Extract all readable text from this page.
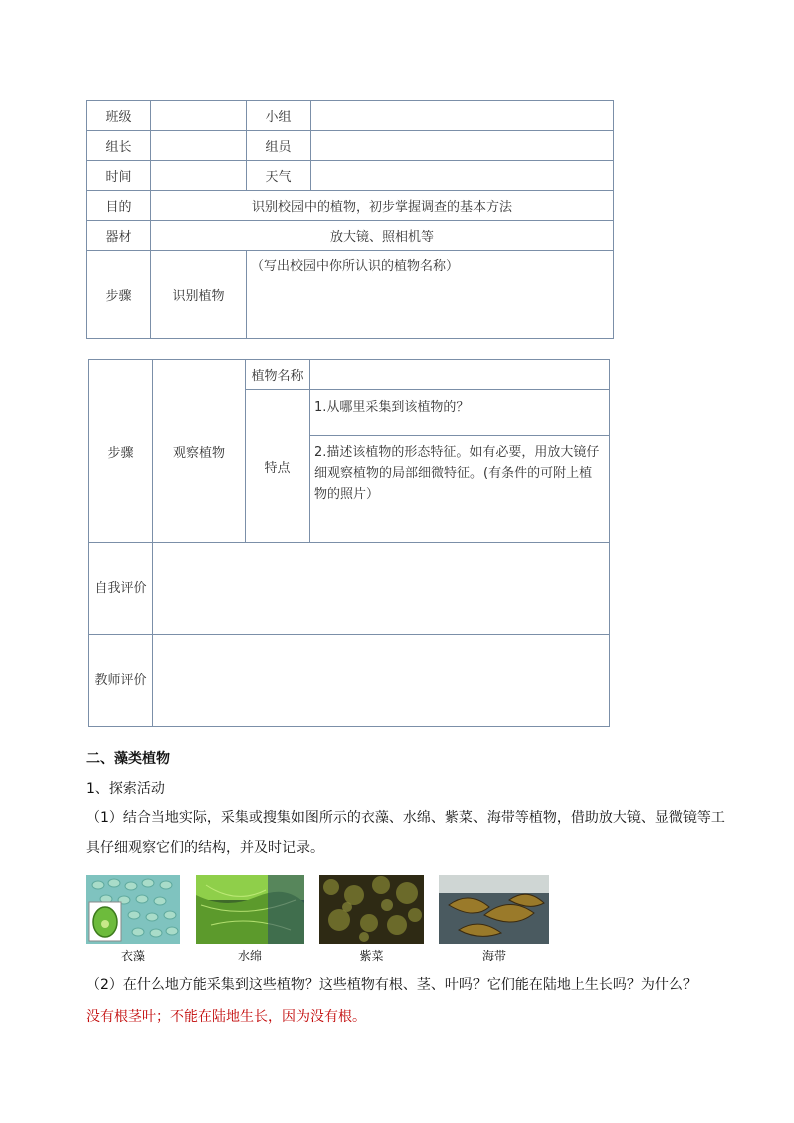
班级		小组	
组长		组员	
时间		天气	
目的	识别校园中的植物，初步掌握调查的基本方法		
器材	放大镜、照相机等		
步骤	识别植物	（写出校园中你所认识的植物名称）	
步骤	观察植物	植物名称	
		特点	1.从哪里采集到该植物的？
			2.描述该植物的形态特征。如有必要，用放大镜仔细观察植物的局部细微特征。(有条件的可附上植物的照片）
自我评价			
教师评价			
二、藻类植物
1、探索活动
（1）结合当地实际，采集或搜集如图所示的衣藻、水绵、紫菜、海带等植物，借助放大镜、显微镜等工具仔细观察它们的结构，并及时记录。
衣藻	水绵	紫菜	海带
（2）在什么地方能采集到这些植物？这些植物有根、茎、叶吗？它们能在陆地上生长吗？为什么？
没有根茎叶；不能在陆地生长，因为没有根。
